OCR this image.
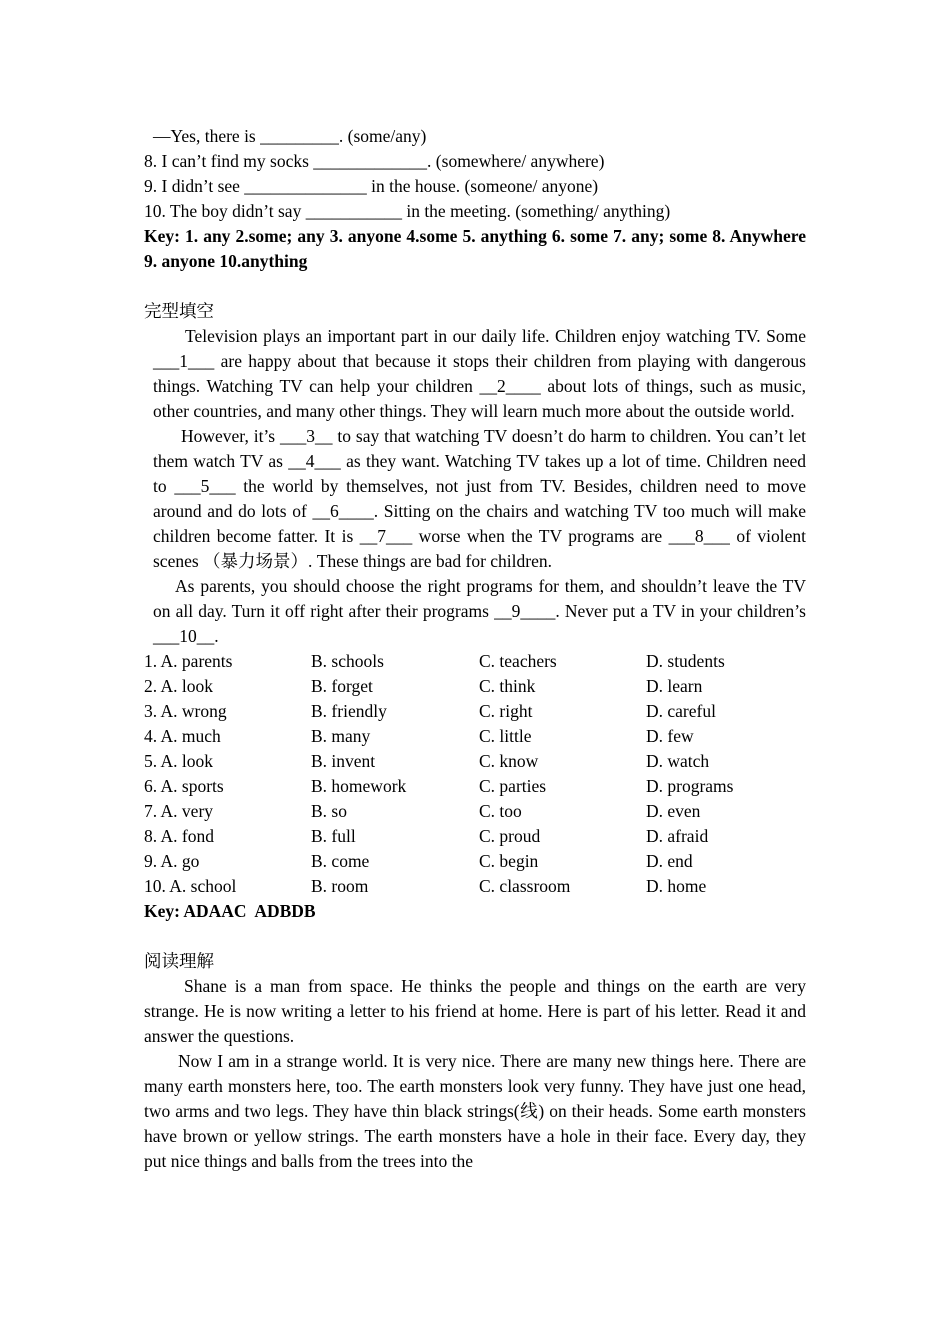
—Yes, there is _________. (some/any)
8. I can’t find my socks _____________. (somewhere/ anywhere)
9. I didn’t see ______________ in the house. (someone/ anyone)
10. The boy didn’t say ___________ in the meeting. (something/ anything)
Key: 1. any 2.some; any 3. anyone 4.some 5. anything 6. some 7. any; some 8. Anywhere 9. anyone 10.anything
完型填空
Television plays an important part in our daily life. Children enjoy watching TV. Some ___1___ are happy about that because it stops their children from playing with dangerous things. Watching TV can help your children __2____ about lots of things, such as music, other countries, and many other things. They will learn much more about the outside world.
However, it’s ___3__ to say that watching TV doesn’t do harm to children. You can’t let them watch TV as __4___ as they want. Watching TV takes up a lot of time. Children need to ___5___ the world by themselves, not just from TV. Besides, children need to move around and do lots of __6____. Sitting on the chairs and watching TV too much will make children become fatter. It is __7___ worse when the TV programs are ___8___ of violent scenes （暴力场景）. These things are bad for children.
As parents, you should choose the right programs for them, and shouldn’t leave the TV on all day. Turn it off right after their programs __9____. Never put a TV in your children’s ___10__.
1. A. parents	B. schools	C. teachers	D. students
2. A. look	B. forget	C. think	D. learn
3. A. wrong	B. friendly	C. right	D. careful
4. A. much	B. many	C. little	D. few
5. A. look	B. invent	C. know	D. watch
6. A. sports	B. homework	C. parties	D. programs
7. A. very	B. so	C. too	D. even
8. A. fond	B. full	C. proud	D. afraid
9. A. go	B. come	C. begin	D. end
10. A. school	B. room	C. classroom	D. home
Key: ADAAC  ADBDB
阅读理解
Shane is a man from space. He thinks the people and things on the earth are very strange. He is now writing a letter to his friend at home. Here is part of his letter. Read it and answer the questions.
Now I am in a strange world. It is very nice. There are many new things here. There are many earth monsters here, too. The earth monsters look very funny. They have just one head, two arms and two legs. They have thin black strings(线) on their heads. Some earth monsters have brown or yellow strings. The earth monsters have a hole in their face. Every day, they put nice things and balls from the trees into the
